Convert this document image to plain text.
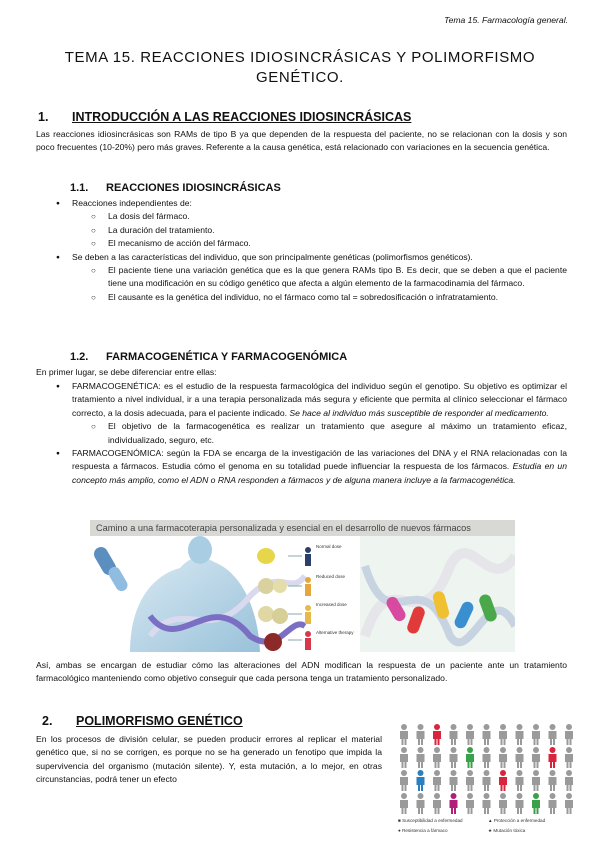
Tema 15. Farmacología general.
TEMA 15. REACCIONES IDIOSINCRÁSICAS Y POLIMORFISMO GENÉTICO.
1. INTRODUCCIÓN A LAS REACCIONES IDIOSINCRÁSICAS
Las reacciones idiosincrásicas son RAMs de tipo B ya que dependen de la respuesta del paciente, no se relacionan con la dosis y son poco frecuentes (10-20%) pero más graves. Referente a la causa genética, está relacionado con variaciones en la secuencia genética.
1.1. REACCIONES IDIOSINCRÁSICAS
● Reacciones independientes de:
○ La dosis del fármaco.
○ La duración del tratamiento.
○ El mecanismo de acción del fármaco.
● Se deben a las características del individuo, que son principalmente genéticas (polimorfismos genéticos).
○ El paciente tiene una variación genética que es la que genera RAMs tipo B. Es decir, que se deben a que el paciente tiene una modificación en su código genético que afecta a algún elemento de la farmacodinamia del fármaco.
○ El causante es la genética del individuo, no el fármaco como tal = sobredosificación o infratratamiento.
1.2. FARMACOGENÉTICA Y FARMACOGENÓMICA
En primer lugar, se debe diferenciar entre ellas:
● FARMACOGENÉTICA: es el estudio de la respuesta farmacológica del individuo según el genotipo. Su objetivo es optimizar el tratamiento a nivel individual, ir a una terapia personalizada más segura y eficiente que permita al clínico seleccionar el fármaco correcto, a la dosis adecuada, para el paciente indicado. Se hace al individuo más susceptible de responder al medicamento.
○ El objetivo de la farmacogenética es realizar un tratamiento que asegure al máximo un tratamiento eficaz, individualizado, seguro, etc.
● FARMACOGENÓMICA: según la FDA se encarga de la investigación de las variaciones del DNA y el RNA relacionadas con la respuesta a fármacos. Estudia cómo el genoma en su totalidad puede influenciar la respuesta de los fármacos. Estudia en un concepto más amplio, como el ADN o RNA responden a fármacos y de alguna manera incluye a la farmacogenética.
Camino a una farmacoterapia personalizada y esencial en el desarrollo de nuevos fármacos
Normal dose
Reduced dose
Increased dose
Alternative therapy
Así, ambas se encargan de estudiar cómo las alteraciones del ADN modifican la respuesta de un paciente ante un tratamiento farmacológico manteniendo como objetivo conseguir que cada persona tenga un tratamiento personalizado.
2. POLIMORFISMO GENÉTICO
En los procesos de división celular, se pueden producir errores al replicar el material genético que, si no se corrigen, es porque no se ha generado un fenotipo que impida la supervivencia del organismo (mutación silente). Y, esta mutación, a lo mejor, en otras circunstancias, podrá tener un efecto
■ Susceptibilidad a enfermedad	▲ Protección a enfermedad
● Resistencia a fármaco	★ Mutación tóxica
